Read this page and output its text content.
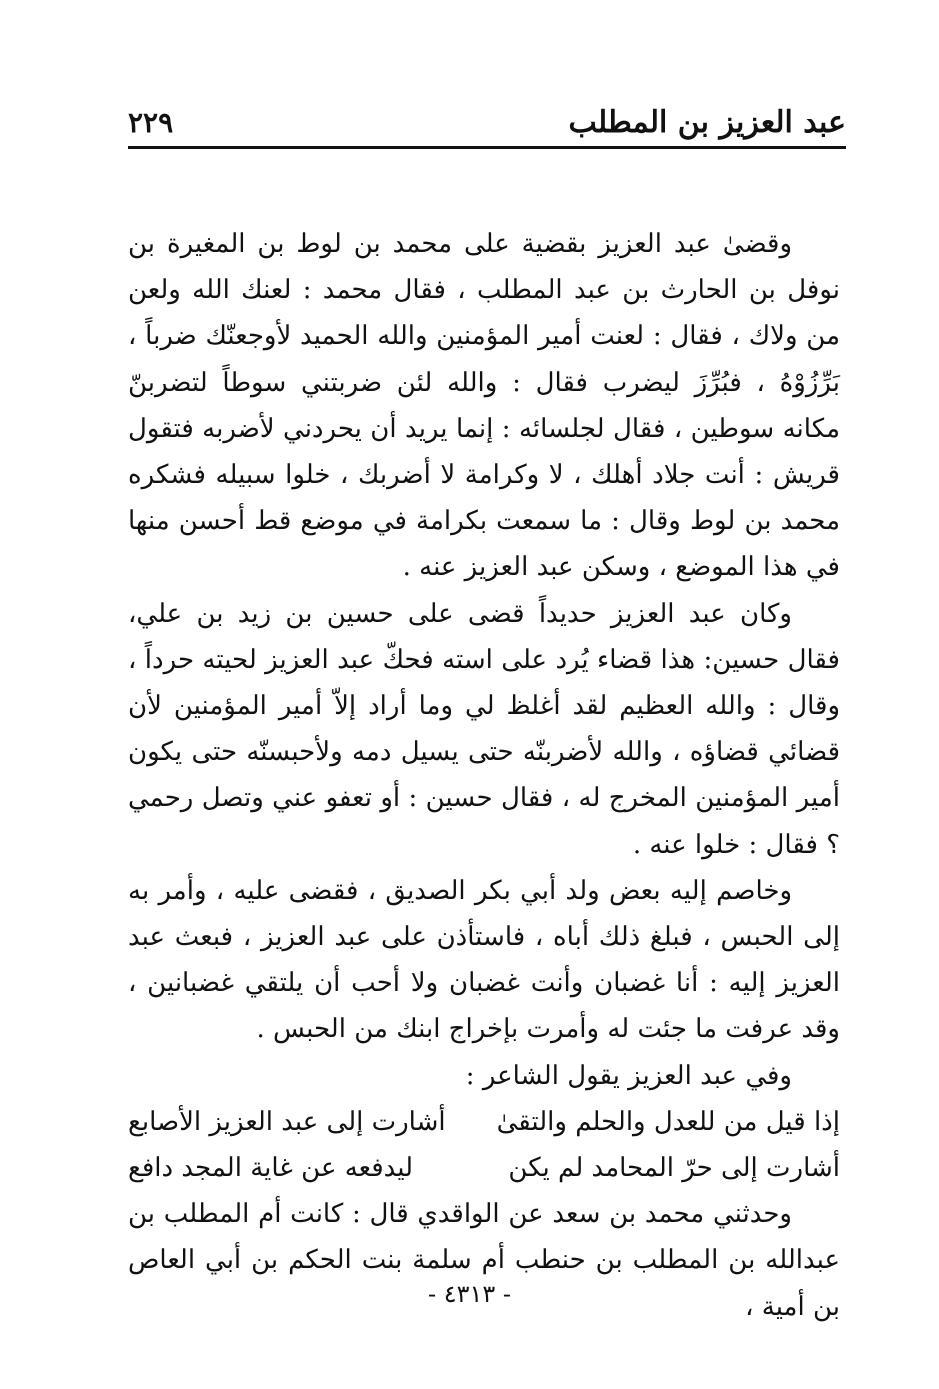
عبد العزيز بن المطلب
٢٢٩

وقضىٰ عبد العزيز بقضية على محمد بن لوط بن المغيرة بن نوفل بن الحارث بن عبد المطلب ، فقال محمد : لعنك الله ولعن من ولاك ، فقال : لعنت أمير المؤمنين والله الحميد لأوجعنّك ضرباً ، بَرِّزُوْهُ ، فبُرِّزَ ليضرب فقال : والله لئن ضربتني سوطاً لتضربنّ مكانه سوطين ، فقال لجلسائه : إنما يريد أن يحردني لأضربه فتقول قريش : أنت جلاد أهلك ، لا وكرامة لا أضربك ، خلوا سبيله فشكره محمد بن لوط وقال : ما سمعت بكرامة في موضع قط أحسن منها في هذا الموضع ، وسكن عبد العزيز عنه .

وكان عبد العزيز حديداً قضى على حسين بن زيد بن علي، فقال حسين: هذا قضاء يُرد على استه فحكّ عبد العزيز لحيته حرداً ، وقال : والله العظيم لقد أغلظ لي وما أراد إلاّ أمير المؤمنين لأن قضائي قضاؤه ، والله لأضربنّه حتى يسيل دمه ولأحبسنّه حتى يكون أمير المؤمنين المخرج له ، فقال حسين : أو تعفو عني وتصل رحمي ؟ فقال : خلوا عنه .

وخاصم إليه بعض ولد أبي بكر الصديق ، فقضى عليه ، وأمر به إلى الحبس ، فبلغ ذلك أباه ، فاستأذن على عبد العزيز ، فبعث عبد العزيز إليه : أنا غضبان وأنت غضبان ولا أحب أن يلتقي غضبانين ، وقد عرفت ما جئت له وأمرت بإخراج ابنك من الحبس .

وفي عبد العزيز يقول الشاعر :

إذا قيل من للعدل والحلم والتقىٰ
أشارت إلى عبد العزيز الأصابع
أشارت إلى حرّ المحامد لم يكن
ليدفعه عن غاية المجد دافع

وحدثني محمد بن سعد عن الواقدي قال : كانت أم المطلب بن عبدالله بن المطلب بن حنطب أم سلمة بنت الحكم بن أبي العاص بن أمية ،

- ٤٣١٣ -
